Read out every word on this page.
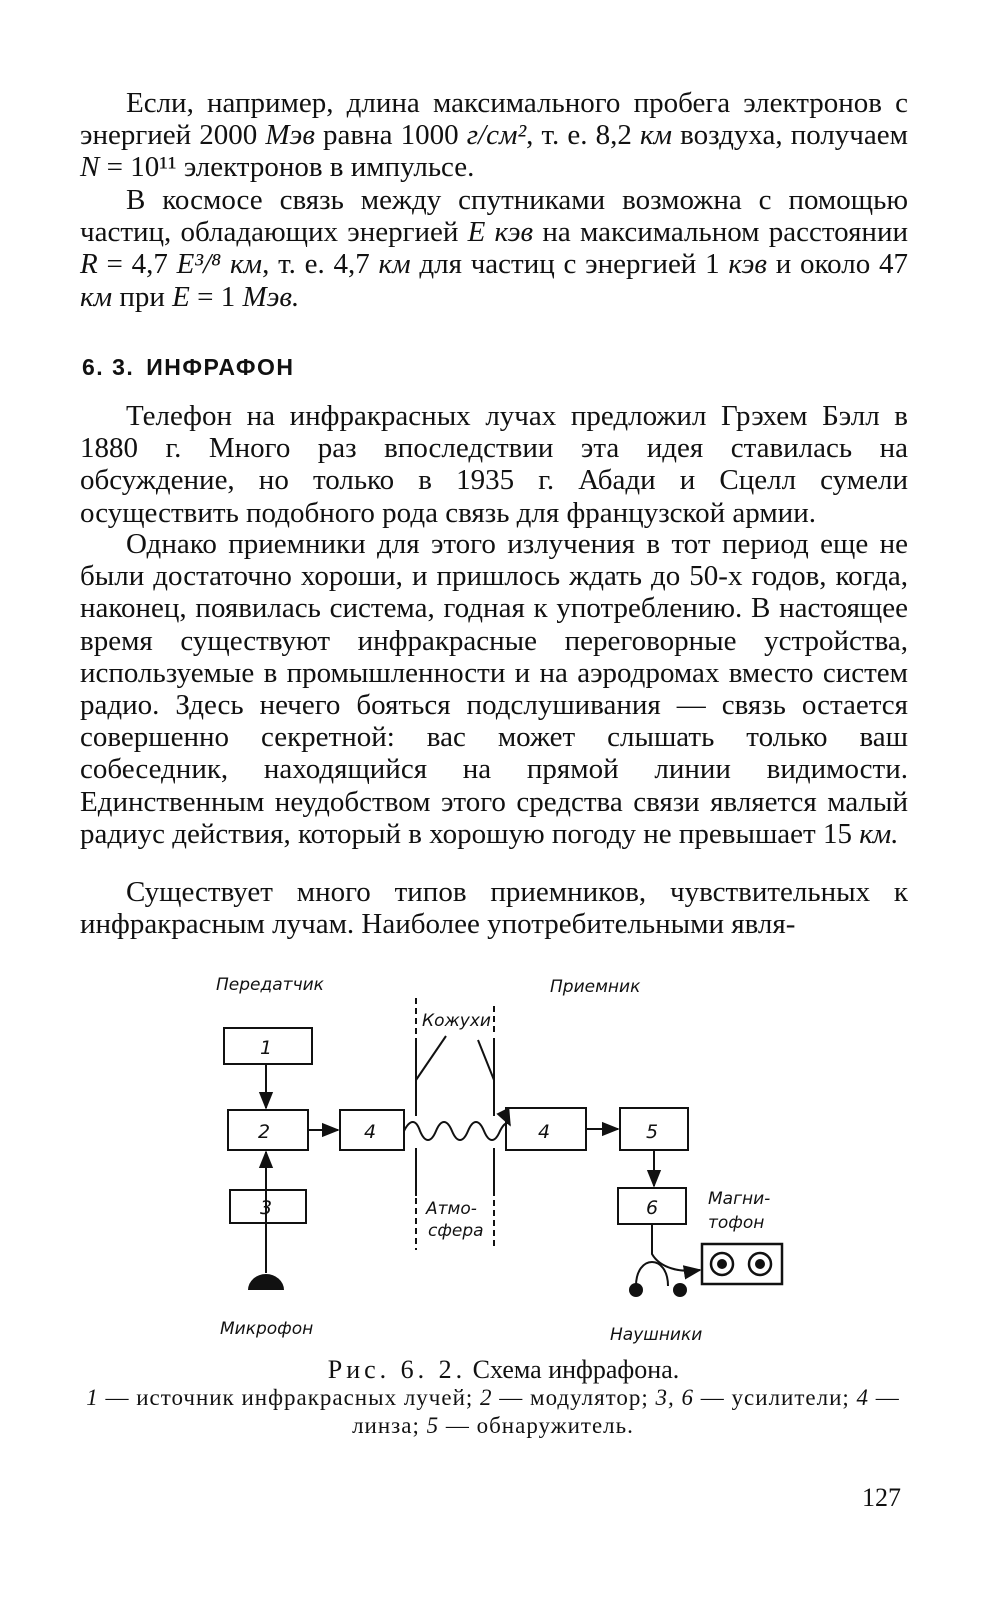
Если, например, длина максимального пробега электронов с энергией 2000 Мэв равна 1000 г/см², т. е. 8,2 км воздуха, получаем N = 10¹¹ электронов в импульсе.

В космосе связь между спутниками возможна с помощью частиц, обладающих энергией E кэв на максимальном расстоянии R = 4,7 E³/⁸ км, т. е. 4,7 км для частиц с энергией 1 кэв и около 47 км при E = 1 Мэв.

6. 3. ИНФРАФОН

Телефон на инфракрасных лучах предложил Грэхем Бэлл в 1880 г. Много раз впоследствии эта идея ставилась на обсуждение, но только в 1935 г. Абади и Сцелл сумели осуществить подобного рода связь для французской армии.

Однако приемники для этого излучения в тот период еще не были достаточно хороши, и пришлось ждать до 50-х годов, когда, наконец, появилась система, годная к употреблению. В настоящее время существуют инфракрасные переговорные устройства, используемые в промышленности и на аэродромах вместо систем радио. Здесь нечего бояться подслушивания — связь остается совершенно секретной: вас может слышать только ваш собеседник, находящийся на прямой линии видимости. Единственным неудобством этого средства связи является малый радиус действия, который в хорошую погоду не превышает 15 км.

Существует много типов приемников, чувствительных к инфракрасным лучам. Наиболее употребительными явля-

Передатчик	Приемник
Кожухи
Атмо-
сфера
Магни-
тофон
Микрофон	Наушники
1
2
3
4	4	5
6

Рис. 6. 2. Схема инфрафона.

1 — источник инфракрасных лучей; 2 — модулятор; 3, 6 — усилители; 4 — линза; 5 — обнаружитель.

127
